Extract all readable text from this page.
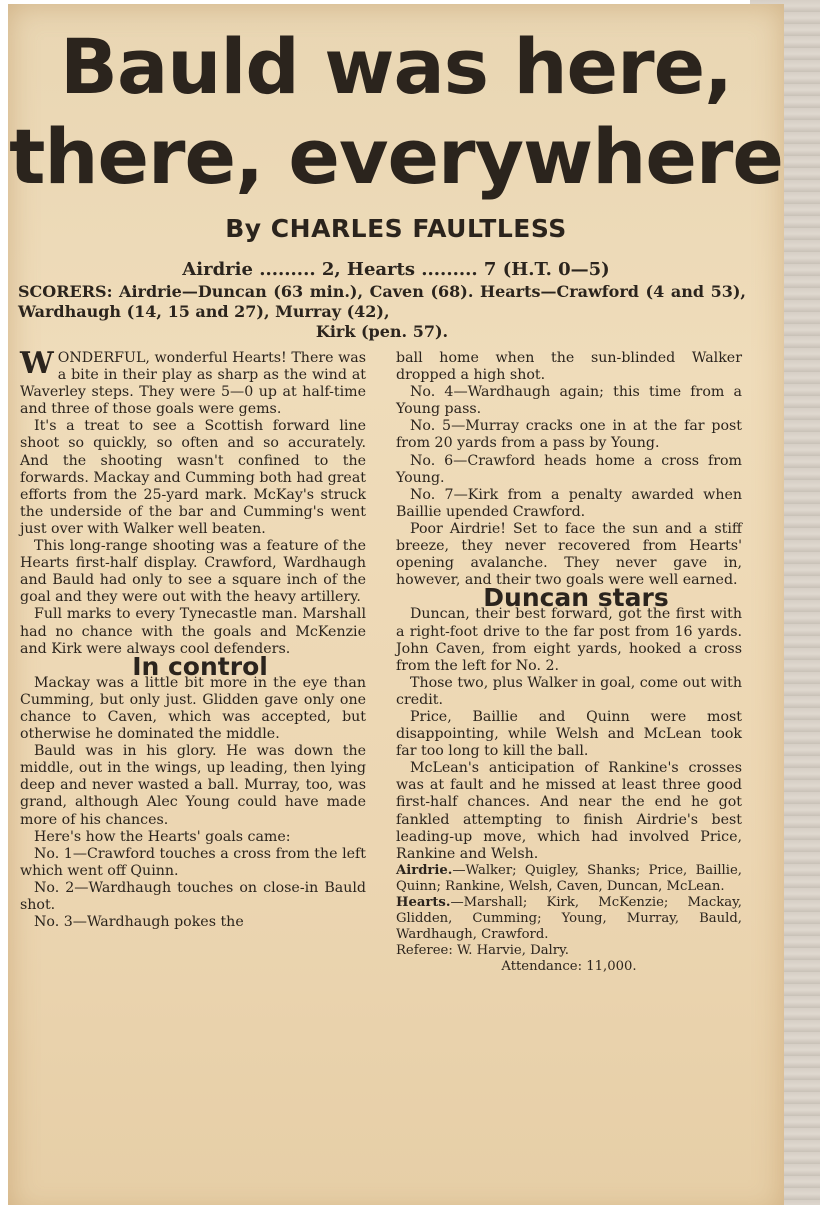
Bauld was here,
there, everywhere
By CHARLES FAULTLESS
Airdrie ......... 2, Hearts ......... 7 (H.T. 0—5)
SCORERS: Airdrie—Duncan (63 min.), Caven (68). Hearts—Crawford (4 and 53), Wardhaugh (14, 15 and 27), Murray (42),
Kirk (pen. 57).

WONDERFUL, wonderful Hearts! There was a bite in their play as sharp as the wind at Waverley steps. They were 5—0 up at half-time and three of those goals were gems.

It's a treat to see a Scottish forward line shoot so quickly, so often and so accurately. And the shooting wasn't confined to the forwards. Mackay and Cumming both had great efforts from the 25-yard mark. McKay's struck the underside of the bar and Cumming's went just over with Walker well beaten.

This long-range shooting was a feature of the Hearts first-half display. Crawford, Wardhaugh and Bauld had only to see a square inch of the goal and they were out with the heavy artillery.

Full marks to every Tynecastle man. Marshall had no chance with the goals and McKenzie and Kirk were always cool defenders.

In control

Mackay was a little bit more in the eye than Cumming, but only just. Glidden gave only one chance to Caven, which was accepted, but otherwise he dominated the middle.

Bauld was in his glory. He was down the middle, out in the wings, up leading, then lying deep and never wasted a ball. Murray, too, was grand, although Alec Young could have made more of his chances.

Here's how the Hearts' goals came:

No. 1—Crawford touches a cross from the left which went off Quinn.

No. 2—Wardhaugh touches on close-in Bauld shot.

No. 3—Wardhaugh pokes the

ball home when the sun-blinded Walker dropped a high shot.

No. 4—Wardhaugh again; this time from a Young pass.

No. 5—Murray cracks one in at the far post from 20 yards from a pass by Young.

No. 6—Crawford heads home a cross from Young.

No. 7—Kirk from a penalty awarded when Baillie upended Crawford.

Poor Airdrie! Set to face the sun and a stiff breeze, they never recovered from Hearts' opening avalanche. They never gave in, however, and their two goals were well earned.

Duncan stars

Duncan, their best forward, got the first with a right-foot drive to the far post from 16 yards. John Caven, from eight yards, hooked a cross from the left for No. 2.

Those two, plus Walker in goal, come out with credit.

Price, Baillie and Quinn were most disappointing, while Welsh and McLean took far too long to kill the ball.

McLean's anticipation of Rankine's crosses was at fault and he missed at least three good first-half chances. And near the end he got fankled attempting to finish Airdrie's best leading-up move, which had involved Price, Rankine and Welsh.

Airdrie.—Walker; Quigley, Shanks; Price, Baillie, Quinn; Rankine, Welsh, Caven, Duncan, McLean.

Hearts.—Marshall; Kirk, McKenzie; Mackay, Glidden, Cumming; Young, Murray, Bauld, Wardhaugh, Crawford.

Referee: W. Harvie, Dalry.

Attendance: 11,000.
